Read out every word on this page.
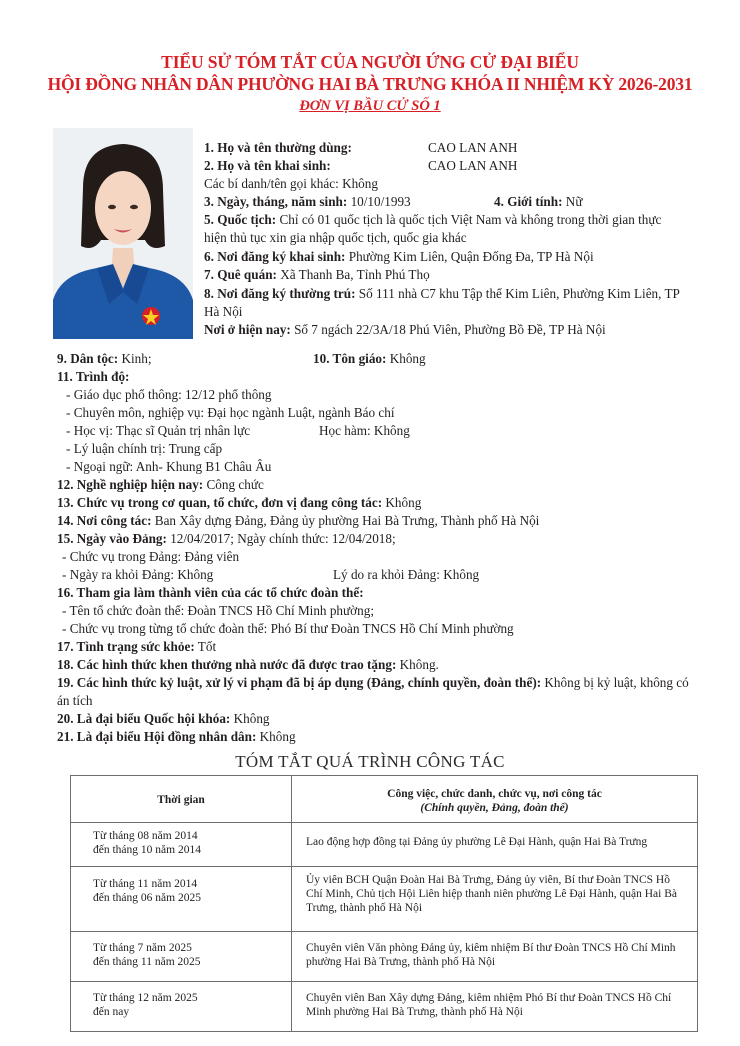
TIỂU SỬ TÓM TẮT CỦA NGƯỜI ỨNG CỬ ĐẠI BIỂU
HỘI ĐỒNG NHÂN DÂN PHƯỜNG HAI BÀ TRƯNG KHÓA II NHIỆM KỲ 2026-2031
ĐƠN VỊ BẦU CỬ SỐ 1
1. Họ và tên thường dùng:	CAO LAN ANH
2. Họ và tên khai sinh:	CAO LAN ANH
Các bí danh/tên gọi khác: Không
3. Ngày, tháng, năm sinh: 10/10/1993	4. Giới tính: Nữ
5. Quốc tịch: Chỉ có 01 quốc tịch là quốc tịch Việt Nam và không trong thời gian thực
hiện thủ tục xin gia nhập quốc tịch, quốc gia khác
6. Nơi đăng ký khai sinh: Phường Kim Liên, Quận Đống Đa, TP Hà Nội
7. Quê quán: Xã Thanh Ba, Tỉnh Phú Thọ
8. Nơi đăng ký thường trú: Số 111 nhà C7 khu Tập thể Kim Liên, Phường Kim Liên, TP
Hà Nội
Nơi ở hiện nay: Số 7 ngách 22/3A/18 Phú Viên, Phường Bồ Đề, TP Hà Nội
9. Dân tộc: Kinh;	10. Tôn giáo: Không
11. Trình độ:
- Giáo dục phổ thông: 12/12 phổ thông
- Chuyên môn, nghiệp vụ: Đại học ngành Luật, ngành Báo chí
- Học vị: Thạc sĩ Quản trị nhân lực	Học hàm: Không
- Lý luận chính trị: Trung cấp
- Ngoại ngữ: Anh- Khung B1 Châu Âu
12. Nghề nghiệp hiện nay: Công chức
13. Chức vụ trong cơ quan, tổ chức, đơn vị đang công tác: Không
14. Nơi công tác: Ban Xây dựng Đảng, Đảng ủy phường Hai Bà Trưng, Thành phố Hà Nội
15. Ngày vào Đảng: 12/04/2017; Ngày chính thức: 12/04/2018;
- Chức vụ trong Đảng: Đảng viên
- Ngày ra khỏi Đảng: Không	Lý do ra khỏi Đảng: Không
16. Tham gia làm thành viên của các tổ chức đoàn thể:
- Tên tổ chức đoàn thể: Đoàn TNCS Hồ Chí Minh phường;
- Chức vụ trong từng tổ chức đoàn thể: Phó Bí thư Đoàn TNCS Hồ Chí Minh phường
17. Tình trạng sức khỏe: Tốt
18. Các hình thức khen thưởng nhà nước đã được trao tặng: Không.
19. Các hình thức kỷ luật, xử lý vi phạm đã bị áp dụng (Đảng, chính quyền, đoàn thể): Không bị kỷ luật, không có
án tích
20. Là đại biểu Quốc hội khóa: Không
21. Là đại biểu Hội đồng nhân dân: Không
TÓM TẮT QUÁ TRÌNH CÔNG TÁC
Thời gian	Công việc, chức danh, chức vụ, nơi công tác
(Chính quyền, Đảng, đoàn thể)

Từ tháng 08 năm 2014
đến tháng 10 năm 2014	Lao động hợp đồng tại Đảng ủy phường Lê Đại Hành, quận Hai Bà Trưng

Từ tháng 11 năm 2014
đến tháng 06 năm 2025	Ủy viên BCH Quận Đoàn Hai Bà Trưng, Đảng ủy viên, Bí thư Đoàn TNCS Hồ Chí Minh, Chủ tịch Hội Liên hiệp thanh niên phường Lê Đại Hành, quận Hai Bà Trưng, thành phố Hà Nội

Từ tháng 7 năm 2025
đến tháng 11 năm 2025	Chuyên viên Văn phòng Đảng ủy, kiêm nhiệm Bí thư Đoàn TNCS Hồ Chí Minh phường Hai Bà Trưng, thành phố Hà Nội

Từ tháng 12 năm 2025
đến nay	Chuyên viên Ban Xây dựng Đảng, kiêm nhiệm Phó Bí thư Đoàn TNCS Hồ Chí Minh phường Hai Bà Trưng, thành phố Hà Nội
